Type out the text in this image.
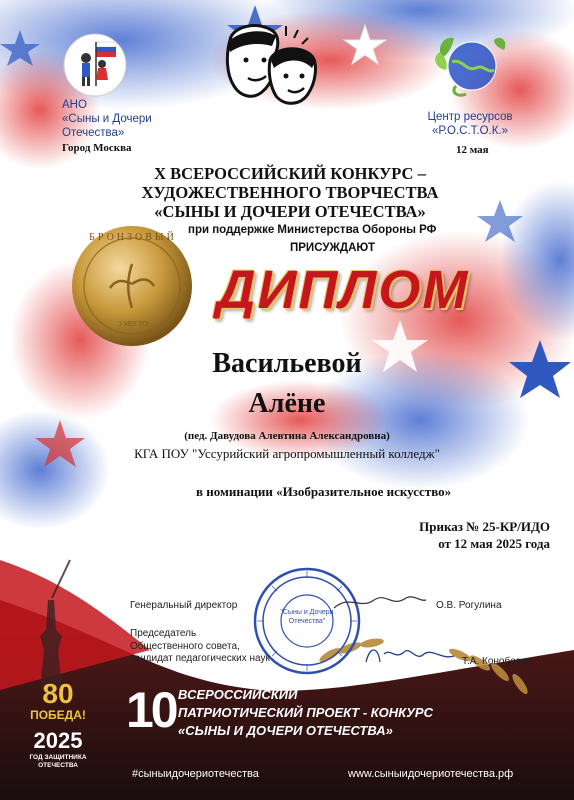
АНО
«Сыны и Дочери
Отечества»
Город Москва
Центр ресурсов
«Р.О.С.Т.О.К.»
12 мая
X ВСЕРОССИЙСКИЙ КОНКУРС –
ХУДОЖЕСТВЕННОГО ТВОРЧЕСТВА
«СЫНЫ И ДОЧЕРИ ОТЕЧЕСТВА»
при поддержке Министерства Обороны РФ
ПРИСУЖДАЮТ
БРОНЗОВЫЙ
3 МЕСТО
ДИПЛОМ
Васильевой
Алёне
(пед. Давудова Алевтина Александровна)
КГА ПОУ "Уссурийский агропромышленный колледж"
в номинации «Изобразительное искусство»
Приказ № 25-КР/ИДО
от 12 мая 2025 года
"Сыны и Дочери Отечества"
Генеральный директор	О.В. Рогулина
Председатель
Общественного совета,
кандидат педагогических наук	Т.А. Конобеева
80
ПОБЕДА!
2025
ГОД ЗАЩИТНИКА
ОТЕЧЕСТВА
10 ВСЕРОССИЙСКИЙ
ПАТРИОТИЧЕСКИЙ ПРОЕКТ - КОНКУРС
«СЫНЫ И ДОЧЕРИ ОТЕЧЕСТВА»
#сыныидочериотечества	www.сыныидочериотечества.рф
